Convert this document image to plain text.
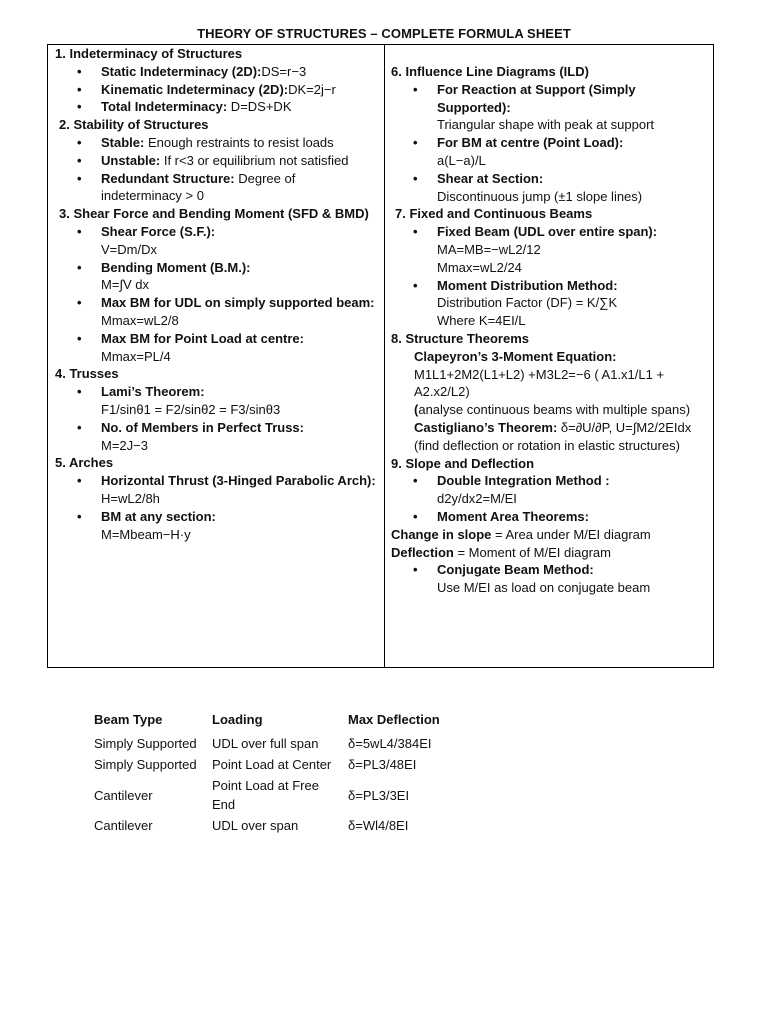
THEORY OF STRUCTURES – COMPLETE FORMULA SHEET
1. Indeterminacy of Structures
• Static Indeterminacy (2D):DS=r−3
• Kinematic Indeterminacy (2D):DK=2j−r
• Total Indeterminacy: D=DS+DK
2. Stability of Structures
• Stable: Enough restraints to resist loads
• Unstable: If r<3 or equilibrium not satisfied
• Redundant Structure: Degree of indeterminacy > 0
3. Shear Force and Bending Moment (SFD & BMD)
• Shear Force (S.F.):
V=Dm/Dx
• Bending Moment (B.M.):
M=∫V dx
• Max BM for UDL on simply supported beam:
Mmax=wL2/8
• Max BM for Point Load at centre:
Mmax=PL/4
4. Trusses
• Lami’s Theorem:
F1/sinθ1 = F2/sinθ2 = F3/sinθ3
• No. of Members in Perfect Truss:
M=2J−3
5. Arches
• Horizontal Thrust (3-Hinged Parabolic Arch):
H=wL2/8h
• BM at any section:
M=Mbeam−H·y
6. Influence Line Diagrams (ILD)
• For Reaction at Support (Simply Supported):
Triangular shape with peak at support
• For BM at centre (Point Load):
a(L−a)/L
• Shear at Section:
Discontinuous jump (±1 slope lines)
7. Fixed and Continuous Beams
• Fixed Beam (UDL over entire span):
MA=MB=−wL2/12
Mmax=wL2/24
• Moment Distribution Method:
Distribution Factor (DF) = K/∑K
Where K=4EI/L
8. Structure Theorems
Clapeyron’s 3-Moment Equation:
M1L1+2M2(L1+L2) +M3L2=−6 ( A1.x1/L1 + A2.x2/L2)
(analyse continuous beams with multiple spans)
Castigliano’s Theorem: δ=∂U/∂P, U=∫M2/2EIdx
(find deflection or rotation in elastic structures)
9. Slope and Deflection
• Double Integration Method :
d2y/dx2=M/EI
• Moment Area Theorems:
Change in slope = Area under M/EI diagram
Deflection = Moment of M/EI diagram
• Conjugate Beam Method:
Use M/EI as load on conjugate beam
Beam Type	Loading	Max Deflection
Simply Supported	UDL over full span	δ=5wL4/384EI
Simply Supported	Point Load at Center	δ=PL3/48EI
Cantilever	Point Load at Free End	δ=PL3/3EI
Cantilever	UDL over span	δ=Wl4/8EI
